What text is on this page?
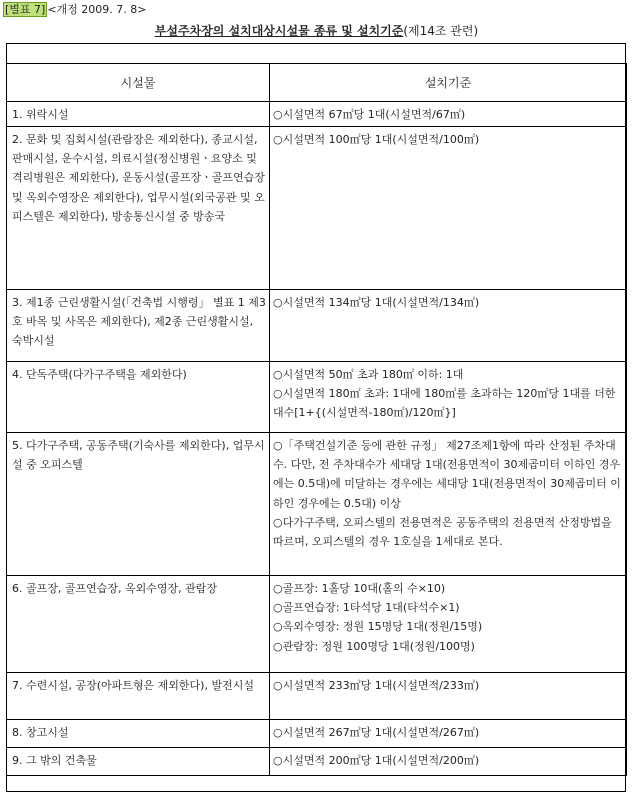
[별표 7] <개정 2009. 7. 8>
부설주차장의 설치대상시설물 종류 및 설치기준(제14조 관련)
시설물	설치기준
1. 위락시설	○시설면적 67㎡당 1대(시설면적/67㎡)

2. 문화 및 집회시설(관람장은 제외한다), 종교시설, 판매시설, 운수시설, 의료시설(정신병원ㆍ요양소 및 격리병원은 제외한다), 운동시설(골프장ㆍ골프연습장 및 옥외수영장은 제외한다), 업무시설(외국공관 및 오피스텔은 제외한다), 방송통신시설 중 방송국	○시설면적 100㎡당 1대(시설면적/100㎡)

3. 제1종 근린생활시설(「건축법 시행령」 별표 1 제3호 바목 및 사목은 제외한다), 제2종 근린생활시설, 숙박시설	○시설면적 134㎡당 1대(시설면적/134㎡)

4. 단독주택(다가구주택을 제외한다)	○시설면적 50㎡ 초과 180㎡ 이하: 1대
○시설면적 180㎡ 초과: 1대에 180㎡를 초과하는 120㎡당 1대를 더한 대수[1+{(시설면적-180㎡)/120㎡}]

5. 다가구주택, 공동주택(기숙사를 제외한다), 업무시설 중 오피스텔	○「주택건설기준 등에 관한 규정」 제27조제1항에 따라 산정된 주차대수. 다만, 전 주차대수가 세대당 1대(전용면적이 30제곱미터 이하인 경우에는 0.5대)에 미달하는 경우에는 세대당 1대(전용면적이 30제곱미터 이하인 경우에는 0.5대) 이상
○다가구주택, 오피스텔의 전용면적은 공동주택의 전용면적 산정방법을 따르며, 오피스텔의 경우 1호실을 1세대로 본다.

6. 골프장, 골프연습장, 옥외수영장, 관람장	○골프장: 1홀당 10대(홀의 수×10)
○골프연습장: 1타석당 1대(타석수×1)
○옥외수영장: 정원 15명당 1대(정원/15명)
○관람장: 정원 100명당 1대(정원/100명)

7. 수련시설, 공장(아파트형은 제외한다), 발전시설	○시설면적 233㎡당 1대(시설면적/233㎡)

8. 창고시설	○시설면적 267㎡당 1대(시설면적/267㎡)

9. 그 밖의 건축물	○시설면적 200㎡당 1대(시설면적/200㎡)
